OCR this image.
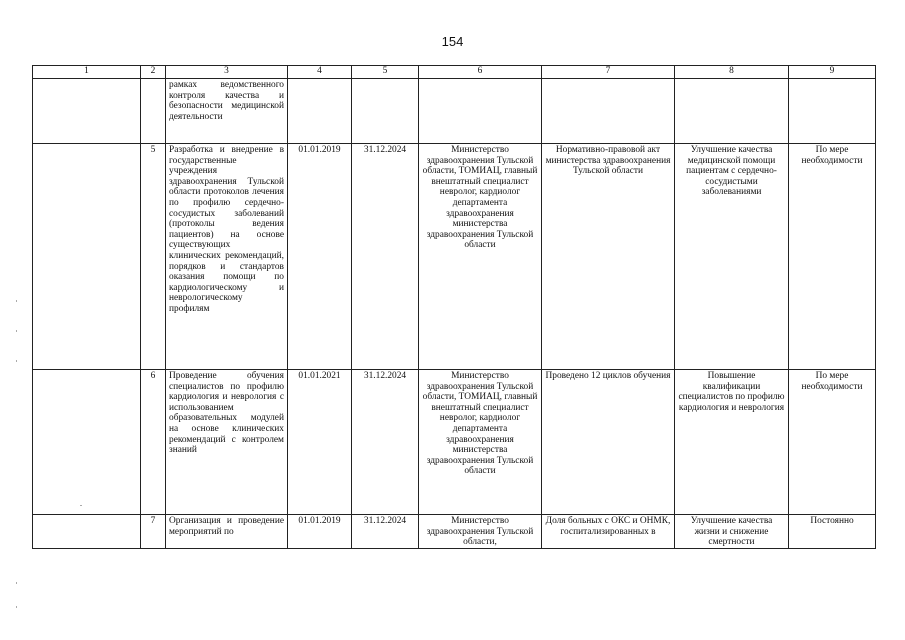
154
1	2	3	4	5	6	7	8	9
		рамках ведомственного контроля качества и безопасности медицинской деятельности						
	5	Разработка и внедрение в государственные учреждения здравоохранения Тульской области протоколов лечения по профилю сердечно-сосудистых заболеваний (протоколы ведения пациентов) на основе существующих клинических рекомендаций, порядков и стандартов оказания помощи по кардиологическому и неврологическому профилям	01.01.2019	31.12.2024	Министерство здравоохранения Тульской области, ТОМИАЦ, главный внештатный специалист невролог, кардиолог департамента здравоохранения министерства здравоохранения Тульской области	Нормативно-правовой акт министерства здравоохранения Тульской области	Улучшение качества медицинской помощи пациентам с сердечно-сосудистыми заболеваниями	По мере необходимости
	6	Проведение обучения специалистов по профилю кардиология и неврология с использованием образовательных модулей на основе клинических рекомендаций с контролем знаний	01.01.2021	31.12.2024	Министерство здравоохранения Тульской области, ТОМИАЦ, главный внештатный специалист невролог, кардиолог департамента здравоохранения министерства здравоохранения Тульской области	Проведено 12 циклов обучения	Повышение квалификации специалистов по профилю кардиология и неврология	По мере необходимости
	7	Организация и проведение мероприятий по	01.01.2019	31.12.2024	Министерство здравоохранения Тульской области,	Доля больных с ОКС и ОНМК, госпитализированных в	Улучшение качества жизни и снижение смертности	Постоянно
